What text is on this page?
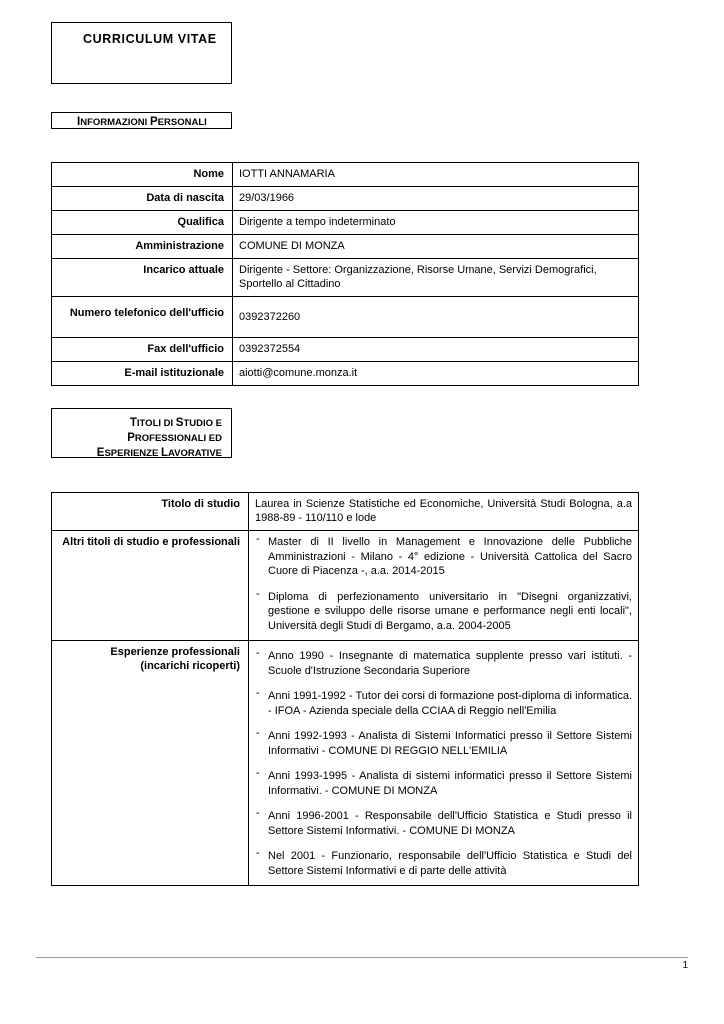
CURRICULUM VITAE
INFORMAZIONI PERSONALI
Nome	IOTTI ANNAMARIA
Data di nascita	29/03/1966
Qualifica	Dirigente a tempo indeterminato
Amministrazione	COMUNE DI MONZA
Incarico attuale	Dirigente - Settore: Organizzazione, Risorse Umane, Servizi Demografici, Sportello al Cittadino
Numero telefonico dell'ufficio	0392372260
Fax dell'ufficio	0392372554
E-mail istituzionale	aiotti@comune.monza.it
TITOLI DI STUDIO E
PROFESSIONALI ED
ESPERIENZE LAVORATIVE
Titolo di studio	Laurea in Scienze Statistiche ed Economiche, Università Studi Bologna, a.a 1988-89 - 110/110 e lode
Altri titoli di studio e professionali	
-Master di II livello in Management e Innovazione delle Pubbliche Amministrazioni - Milano - 4° edizione - Università Cattolica del Sacro Cuore di Piacenza -, a.a. 2014-2015
- Diploma di perfezionamento universitario in "Disegni organizzativi, gestione e sviluppo delle risorse umane e performance negli enti locali", Università degli Studi di Bergamo, a.a. 2004-2005

Esperienze professionali
(incarichi ricoperti)

- Anno 1990 - Insegnante di matematica supplente presso vari istituti. - Scuole d'Istruzione Secondaria Superiore
- Anni 1991-1992 - Tutor dei corsi di formazione post-diploma di informatica. - IFOA - Azienda speciale della CCIAA di Reggio nell'Emilia
- Anni 1992-1993 - Analista di Sistemi Informatici presso il Settore Sistemi Informativi - COMUNE DI REGGIO NELL'EMILIA
- Anni 1993-1995 - Analista di sistemi informatici presso il Settore Sistemi Informativi. - COMUNE DI MONZA
- Anni 1996-2001 - Responsabile dell'Ufficio Statistica e Studi presso il Settore Sistemi Informativi. - COMUNE DI MONZA
- Nel 2001 - Funzionario, responsabile dell'Ufficio Statistica e Studi del Settore Sistemi Informativi e di parte delle attività
1
